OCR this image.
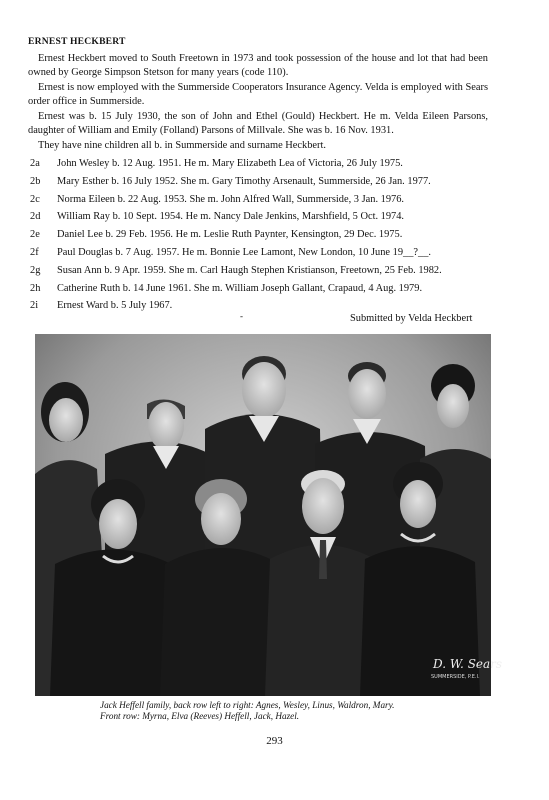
ERNEST HECKBERT
Ernest Heckbert moved to South Freetown in 1973 and took possession of the house and lot that had been owned by George Simpson Stetson for many years (code 110).
Ernest is now employed with the Summerside Cooperators Insurance Agency. Velda is employed with Sears order office in Summerside.
Ernest was b. 15 July 1930, the son of John and Ethel (Gould) Heckbert. He m. Velda Eileen Parsons, daughter of William and Emily (Folland) Parsons of Millvale. She was b. 16 Nov. 1931.
They have nine children all b. in Summerside and surname Heckbert.
2a	John Wesley b. 12 Aug. 1951. He m. Mary Elizabeth Lea of Victoria, 26 July 1975.
2b	Mary Esther b. 16 July 1952. She m. Gary Timothy Arsenault, Summerside, 26 Jan. 1977.
2c	Norma Eileen b. 22 Aug. 1953. She m. John Alfred Wall, Summerside, 3 Jan. 1976.
2d	William Ray b. 10 Sept. 1954. He m. Nancy Dale Jenkins, Marshfield, 5 Oct. 1974.
2e	Daniel Lee b. 29 Feb. 1956. He m. Leslie Ruth Paynter, Kensington, 29 Dec. 1975.
2f	Paul Douglas b. 7 Aug. 1957. He m. Bonnie Lee Lamont, New London, 10 June 19__?__.
2g	Susan Ann b. 9 Apr. 1959. She m. Carl Haugh Stephen Kristianson, Freetown, 25 Feb. 1982.
2h	Catherine Ruth b. 14 June 1961. She m. William Joseph Gallant, Crapaud, 4 Aug. 1979.
2i	Ernest Ward b. 5 July 1967.
-	Submitted by Velda Heckbert
D. W. Sears
SUMMERSIDE, P.E.I.
Jack Heffell family, back row left to right: Agnes, Wesley, Linus, Waldron, Mary.
Front row: Myrna, Elva (Reeves) Heffell, Jack, Hazel.
293
